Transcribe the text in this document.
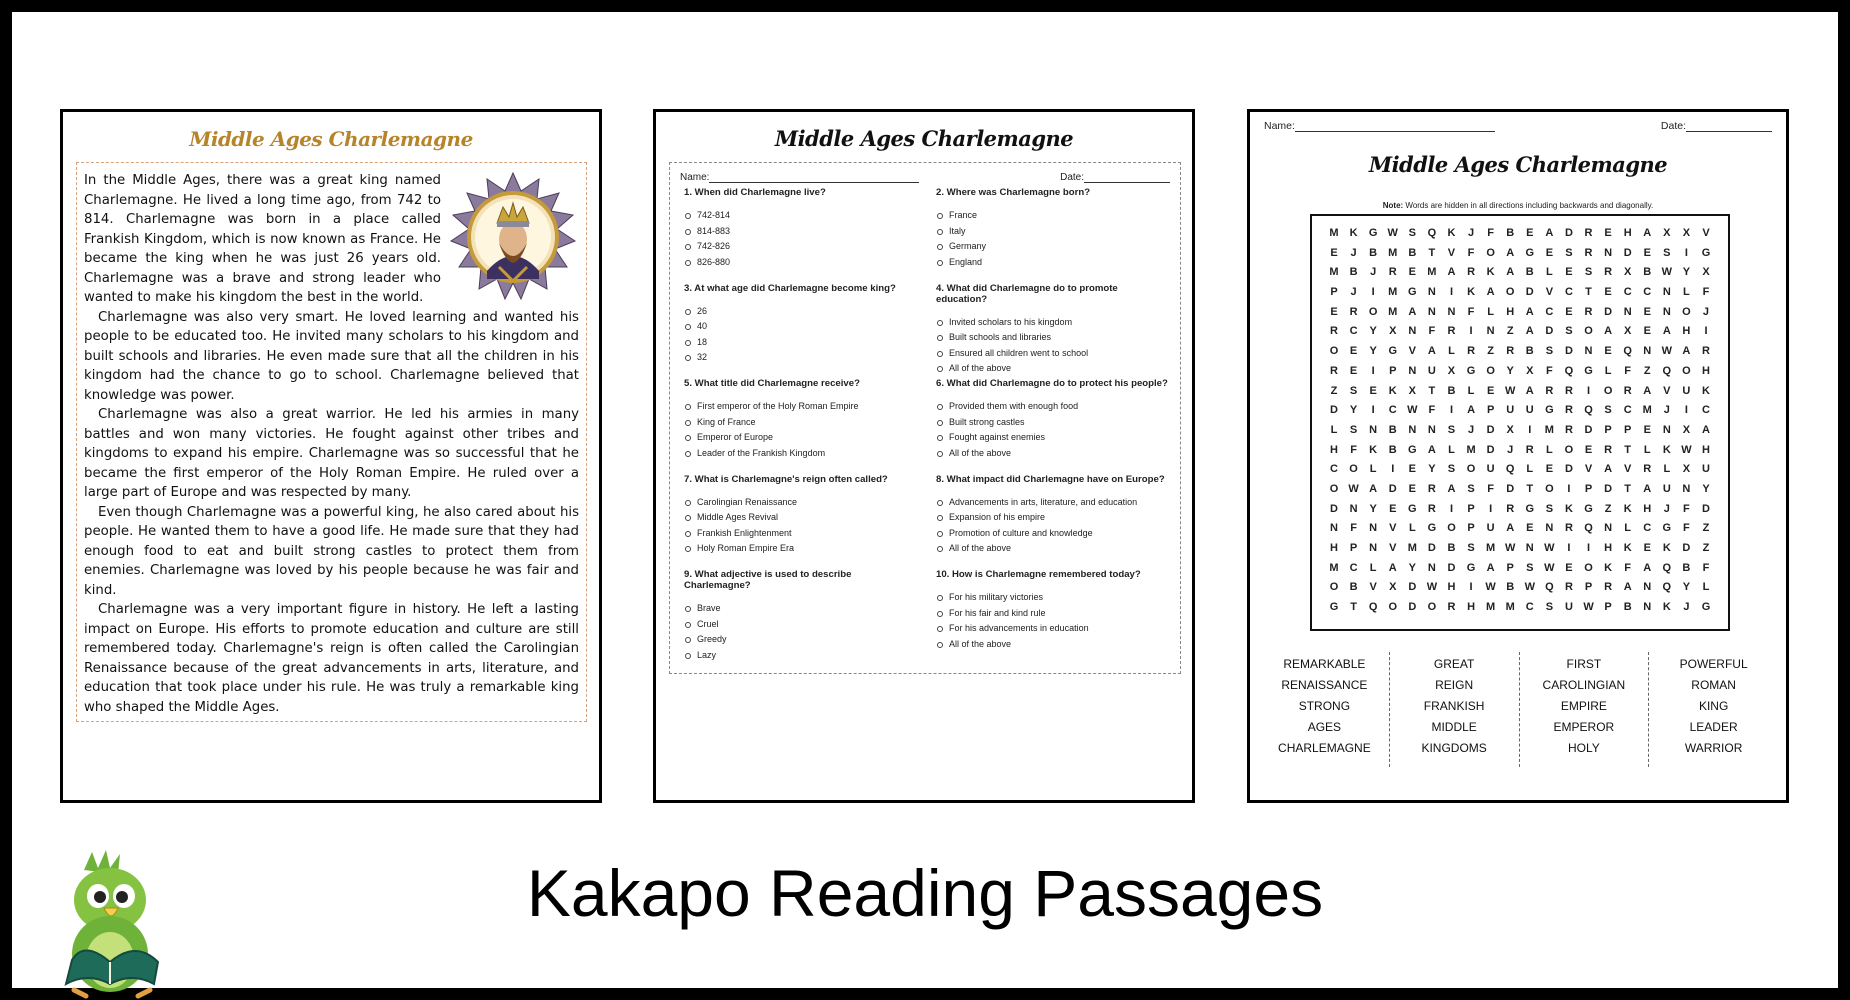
Middle Ages Charlemagne

In the Middle Ages, there was a great king named Charlemagne. He lived a long time ago, from 742 to 814. Charlemagne was born in a place called Frankish Kingdom, which is now known as France. He became the king when he was just 26 years old. Charlemagne was a brave and strong leader who wanted to make his kingdom the best in the world.

Charlemagne was also very smart. He loved learning and wanted his people to be educated too. He invited many scholars to his kingdom and built schools and libraries. He even made sure that all the children in his kingdom had the chance to go to school. Charlemagne believed that knowledge was power.

Charlemagne was also a great warrior. He led his armies in many battles and won many victories. He fought against other tribes and kingdoms to expand his empire. Charlemagne was so successful that he became the first emperor of the Holy Roman Empire. He ruled over a large part of Europe and was respected by many.

Even though Charlemagne was a powerful king, he also cared about his people. He wanted them to have a good life. He made sure that they had enough food to eat and built strong castles to protect them from enemies. Charlemagne was loved by his people because he was fair and kind.

Charlemagne was a very important figure in history. He left a lasting impact on Europe. His efforts to promote education and culture are still remembered today. Charlemagne's reign is often called the Carolingian Renaissance because of the great advancements in arts, literature, and education that took place under his rule. He was truly a remarkable king who shaped the Middle Ages.

Middle Ages Charlemagne
Name:	Date:
1. When did Charlemagne live?
742-814
814-883
742-826
826-880
2. Where was Charlemagne born?
France
Italy
Germany
England
3. At what age did Charlemagne become king?
26
40
18
32
4. What did Charlemagne do to promote education?
Invited scholars to his kingdom
Built schools and libraries
Ensured all children went to school
All of the above
5. What title did Charlemagne receive?
First emperor of the Holy Roman Empire
King of France
Emperor of Europe
Leader of the Frankish Kingdom
6. What did Charlemagne do to protect his people?
Provided them with enough food
Built strong castles
Fought against enemies
All of the above
7. What is Charlemagne's reign often called?
Carolingian Renaissance
Middle Ages Revival
Frankish Enlightenment
Holy Roman Empire Era
8. What impact did Charlemagne have on Europe?
Advancements in arts, literature, and education
Expansion of his empire
Promotion of culture and knowledge
All of the above
9. What adjective is used to describe Charlemagne?
Brave
Cruel
Greedy
Lazy
10. How is Charlemagne remembered today?
For his military victories
For his fair and kind rule
For his advancements in education
All of the above
Name:	Date:
Middle Ages Charlemagne
Note: Words are hidden in all directions including backwards and diagonally.
M	K	G W S	Q	K	J	F	B	E	A	D	R	E	H	A	X	X	V
E	J	B	M	B	T	V	F	O	A	G	E	S	R	N	D	E	S	I	G
M	B	J	R	E	M	A	R	K	A	B	L	E	S	R	X	B W Y	X
P	J	I	M G	N	I	K	A	O	D	V	C	T	E	C	C	N	L	F
E	R	O M	A	N	N	F	L	H	A	C	E	R	D	N	E	N	O	J
R	C	Y	X	N	F	R	I	N	Z	A	D	S	O	A	X	E	A	H	I
O	E	Y	G	V	A	L	R	Z	R	B	S	D	N	E	Q	N W A	R
R	E	I	P	N	U	X	G	O	Y	X	F	Q	G	L	F	Z	Q	O	H
Z	S	E	K	X	T	B	L	E W A	R	R	I	O	R	A	V	U	K
D	Y	I	C W	F	I	A	P	U	U	G	R	Q	S	C	M	J	I	C
L	S	N	B	N	N	S	J	D	X	I	M	R	D	P	P	E	N	X	A
H	F	K	B	G	A	L	M	D	J	R	L	O	E	R	T	L	K W H
C	O	L	I	E	Y	S	O	U	Q	L	E	D	V	A	V	R	L	X	U
O W A	D	E	R	A	S	F	D	T	O	I	P	D	T	A	U	N	Y
D	N	Y	E	G	R	I	P	I	R	G	S	K	G	Z	K	H	J	F	D
N	F	N	V	L	G	O	P	U	A	E	N	R	Q	N	L	C	G	F	Z
H	P	N	V	M	D	B	S	M W N W	I	I	H	K	E	K	D	Z
M	C	L	A	Y	N	D	G	A	P	S W E	O	K	F	A	Q	B	F
O	B	V	X	D W H	I	W B W Q	R	P	R	A	N	Q	Y	L
G	T	Q	O	D	O	R	H	M M	C	S	U W P	B	N	K	J	G
REMARKABLE
RENAISSANCE
STRONG
AGES
CHARLEMAGNE
GREAT
REIGN
FRANKISH
MIDDLE
KINGDOMS
FIRST
CAROLINGIAN
EMPIRE
EMPEROR
HOLY
POWERFUL
ROMAN
KING
LEADER
WARRIOR
Kakapo Reading Passages
